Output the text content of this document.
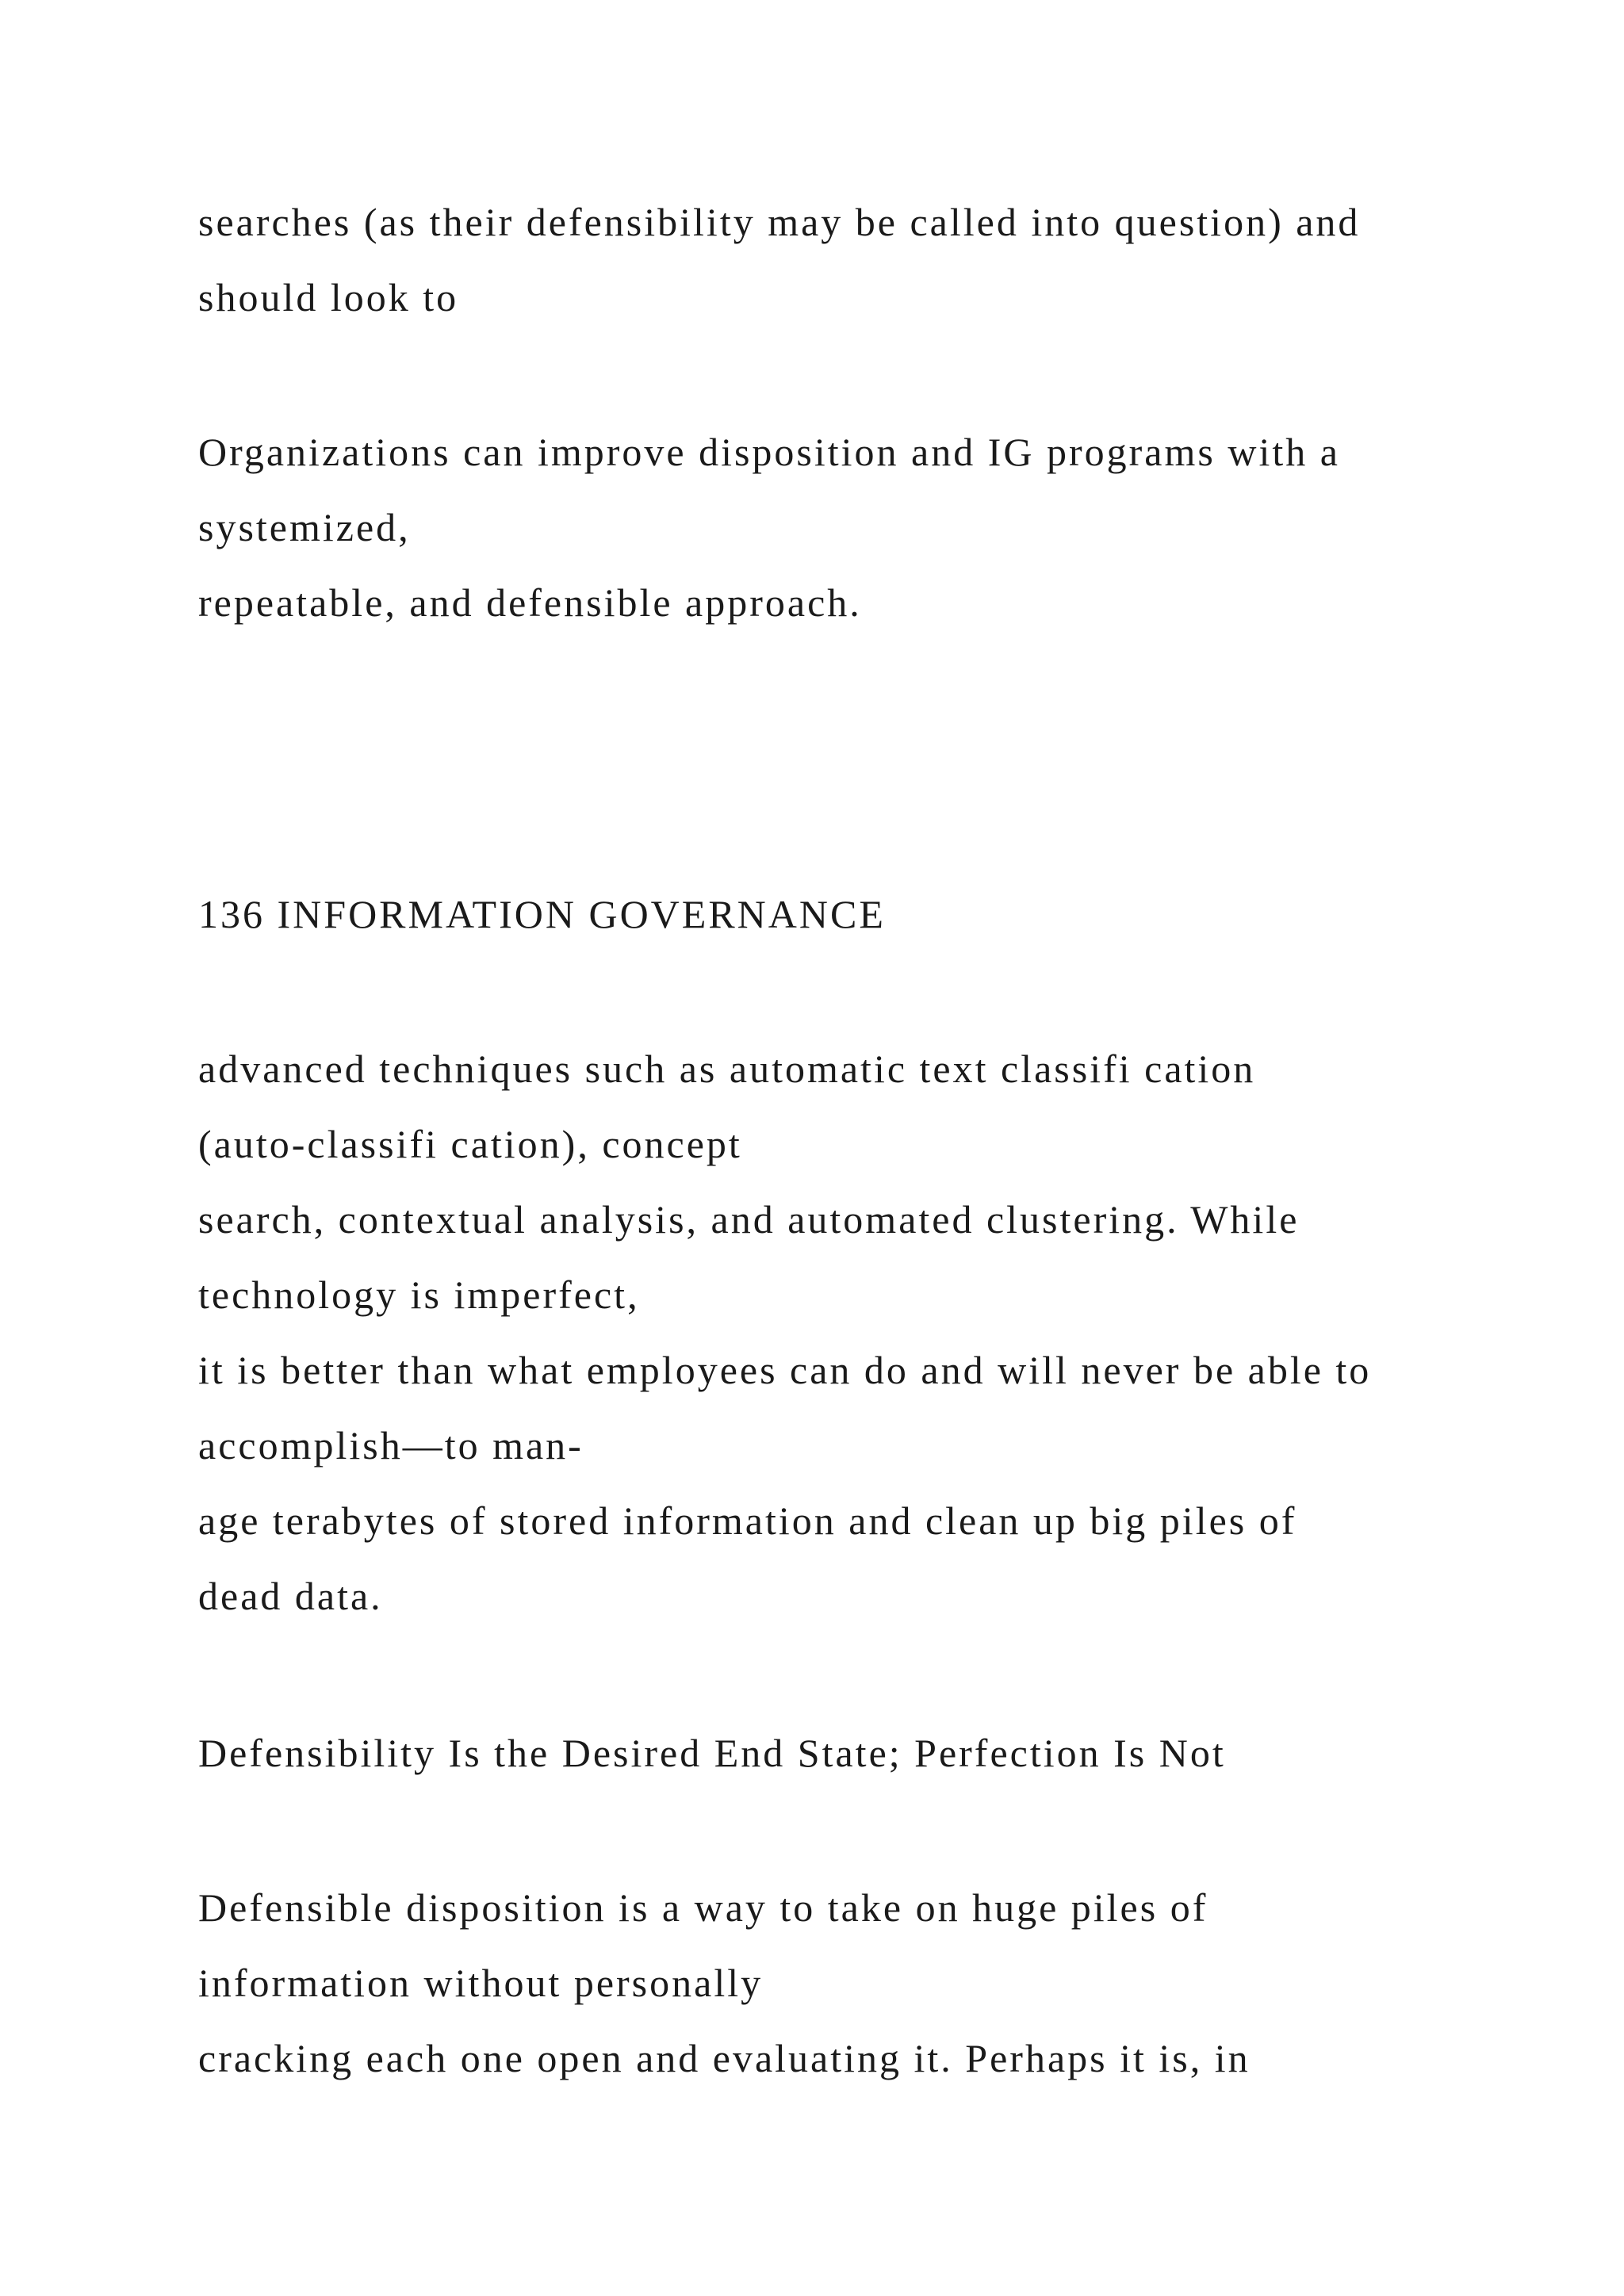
searches (as their defensibility may be called into question) and
should look to
Organizations can improve disposition and IG programs with a
systemized,
repeatable, and defensible approach.
136 INFORMATION GOVERNANCE
advanced techniques such as automatic text classifi cation
(auto-classifi cation), concept
search, contextual analysis, and automated clustering. While
technology is imperfect,
it is better than what employees can do and will never be able to
accomplish—to man-
age terabytes of stored information and clean up big piles of
dead data.
Defensibility Is the Desired End State; Perfection Is Not
Defensible disposition is a way to take on huge piles of
information without personally
cracking each one open and evaluating it. Perhaps it is, in
